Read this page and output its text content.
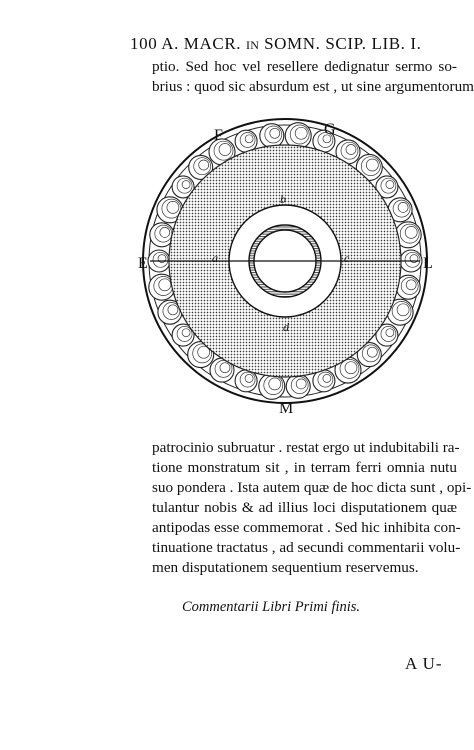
100 A. MACR. IN SOMN. SCIP. LIB. I.
ptio. Sed hoc vel resellere dedignatur sermo so-
brius : quod sic absurdum est , ut sine argumentorum
F	G
E	L
M
a
b
c
d
patrocinio subruatur . restat ergo ut indubitabili ra-
tione monstratum sit , in terram ferri omnia nutu
suo pondera . Ista autem quæ de hoc dicta sunt , opi-
tulantur nobis & ad illius loci disputationem quæ
antipodas esse commemorat . Sed hic inhibita con-
tinuatione tractatus , ad secundi commentarii volu-
men disputationem sequentium reservemus.
Commentarii Libri Primi finis.
A U-
